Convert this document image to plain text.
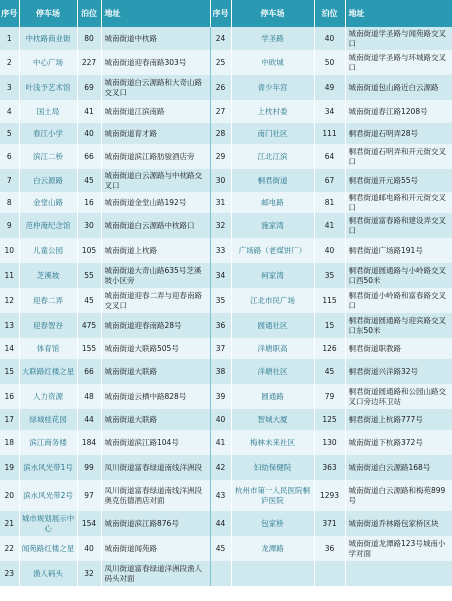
序号	停车场	泊位	地址	序号	停车场	泊位	地址
1	中枕路商业街	80	城南街道中枕路	24	学圣路	40	城南街道学圣路与闻苑路交叉口
2	中心广场	227	城南街道迎春南路303号	25	中欧城	50	城南街道学圣路与环城路交叉口
3	叶浅予艺术馆	69	城南街道白云源路和大奇山路交叉口	26	青少年宫	49	城南街道包山路近白云源路
4	国土局	41	城南街道江滨南路	27	上枕村委	34	城南街道春江路1208号
5	春江小学	40	城南街道育才路	28	南门社区	111	桐君街道石明弄28号
6	滨江二桥	66	城南街道滨江路肪骏酒店旁	29	江北江滨	64	桐君街道石明弄和开元街交叉口
7	白云源路	45	城南街道白云源路与中枕路交叉口	30	桐君街道	67	桐君街道开元路55号
8	金堂山路	16	城南街道金堂山路192号	31	邮电路	81	桐君街道邮电路和开元街交叉口
9	范仲淹纪念馆	30	城南街道白云源路中枕路口	32	施家湾	41	桐君街道富春路和建设弄交叉口
10	儿童公园	105	城南街道上枕路	33	广场路（老煤饼厂）	40	桐君街道广场路191号
11	芝溪坡	55	城南街道大奇山路635号芝溪坡小区旁	34	柯家湾	35	桐君街道圆通路与小岭路交叉口西50米
12	迎春二弄	45	城南街道迎春二弄与迎春南路交叉口	35	江北市民广场	115	桐君街道小岭路和富春路交叉口
13	迎春智谷	475	城南街道迎春南路28号	36	圆通社区	15	桐君街道圆通路与迎宾路交叉口东50米
14	体育馆	155	城南街道大联路505号	37	洋塘职高	126	桐君街道职教路
15	大联路红楼之星	66	城南街道大联路	38	洋塘社区	45	桐君街道兴洋路32号
16	人力资源	48	城南街道云栖中路828号	39	圆通路	79	桐君街道圆通路和公园山路交叉口旁边环卫站
17	绿城桂花园	44	城南街道大联路	40	智城大厦	125	桐君街道上杭路777号
18	滨江商务楼	184	城南街道滨江路104号	41	梅林未来社区	130	城南街道下杭路372号
19	滨水风光带1号	99	凤川街道富春绿道南线洋洲段	42	妇幼保健院	363	城南街道白云源路168号
20	滨水风光带2号	97	凤川街道富春绿道南线洋洲段奥克伍德酒店对面	43	杭州市第一人民医院桐庐医院	1293	城南街道白云源路和梅苑899号
21	城市规划展示中心	154	城南街道滨江路876号	44	包家桥	371	城南街道乔林路包家桥区块
22	闻苑路红楼之星	40	城南街道闻苑路	45	龙潭路	36	城南街道龙潭路123号城南小学对面
23	渔人码头	32	凤川街道富春绿道洋洲段渔人码头对面				
